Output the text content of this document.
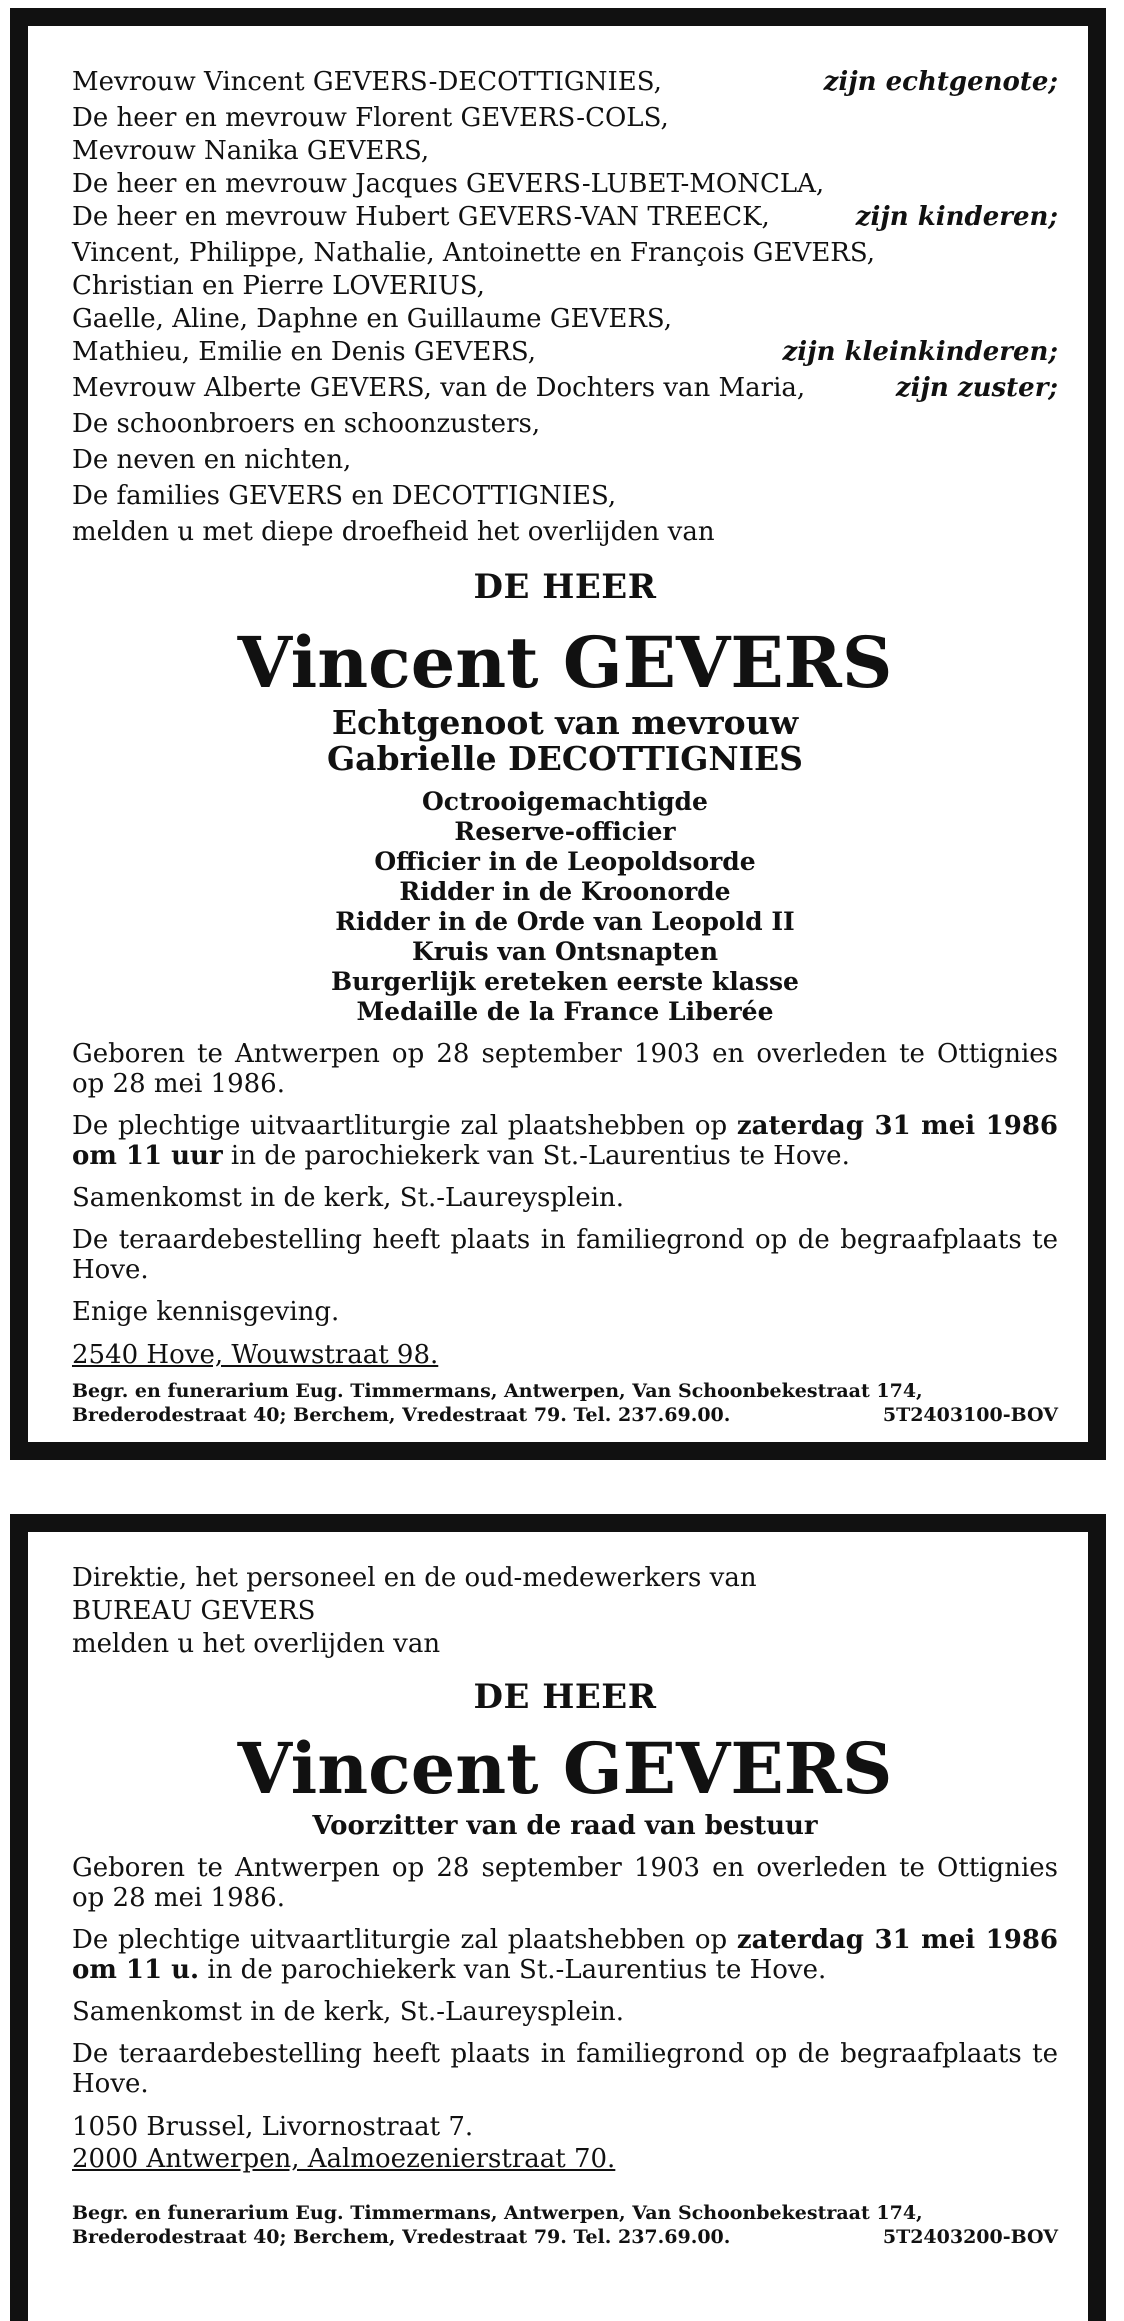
Mevrouw Vincent GEVERS-DECOTTIGNIES,	zijn echtgenote;
De heer en mevrouw Florent GEVERS-COLS,
Mevrouw Nanika GEVERS,
De heer en mevrouw Jacques GEVERS-LUBET-MONCLA,
De heer en mevrouw Hubert GEVERS-VAN TREECK,	zijn kinderen;
Vincent, Philippe, Nathalie, Antoinette en François GEVERS,
Christian en Pierre LOVERIUS,
Gaelle, Aline, Daphne en Guillaume GEVERS,
Mathieu, Emilie en Denis GEVERS,	zijn kleinkinderen;
Mevrouw Alberte GEVERS, van de Dochters van Maria,	zijn zuster;
De schoonbroers en schoonzusters,
De neven en nichten,
De families GEVERS en DECOTTIGNIES,
melden u met diepe droefheid het overlijden van

DE HEER

Vincent GEVERS

Echtgenoot van mevrouw

Gabrielle DECOTTIGNIES

Octrooigemachtigde

Reserve-officier

Officier in de Leopoldsorde

Ridder in de Kroonorde

Ridder in de Orde van Leopold II

Kruis van Ontsnapten

Burgerlijk ereteken eerste klasse

Medaille de la France Liberée

Geboren te Antwerpen op 28 september 1903 en overleden te Ottignies op 28 mei 1986.

De plechtige uitvaartliturgie zal plaatshebben op zaterdag 31 mei 1986 om 11 uur in de parochiekerk van St.-Laurentius te Hove.

Samenkomst in de kerk, St.-Laureysplein.

De teraardebestelling heeft plaats in familiegrond op de begraafplaats te Hove.

Enige kennisgeving.

2540 Hove, Wouwstraat 98.

Begr. en funerarium Eug. Timmermans, Antwerpen, Van Schoonbekestraat 174,
Brederodestraat 40; Berchem, Vredestraat 79. Tel. 237.69.00.	5T2403100-BOV

Direktie, het personeel en de oud-medewerkers van

BUREAU GEVERS

melden u het overlijden van

DE HEER

Vincent GEVERS

Voorzitter van de raad van bestuur

Geboren te Antwerpen op 28 september 1903 en overleden te Ottignies op 28 mei 1986.

De plechtige uitvaartliturgie zal plaatshebben op zaterdag 31 mei 1986 om 11 u. in de parochiekerk van St.-Laurentius te Hove.

Samenkomst in de kerk, St.-Laureysplein.

De teraardebestelling heeft plaats in familiegrond op de begraafplaats te Hove.

1050 Brussel, Livornostraat 7.

2000 Antwerpen, Aalmoezenierstraat 70.

Begr. en funerarium Eug. Timmermans, Antwerpen, Van Schoonbekestraat 174,
Brederodestraat 40; Berchem, Vredestraat 79. Tel. 237.69.00.	5T2403200-BOV
